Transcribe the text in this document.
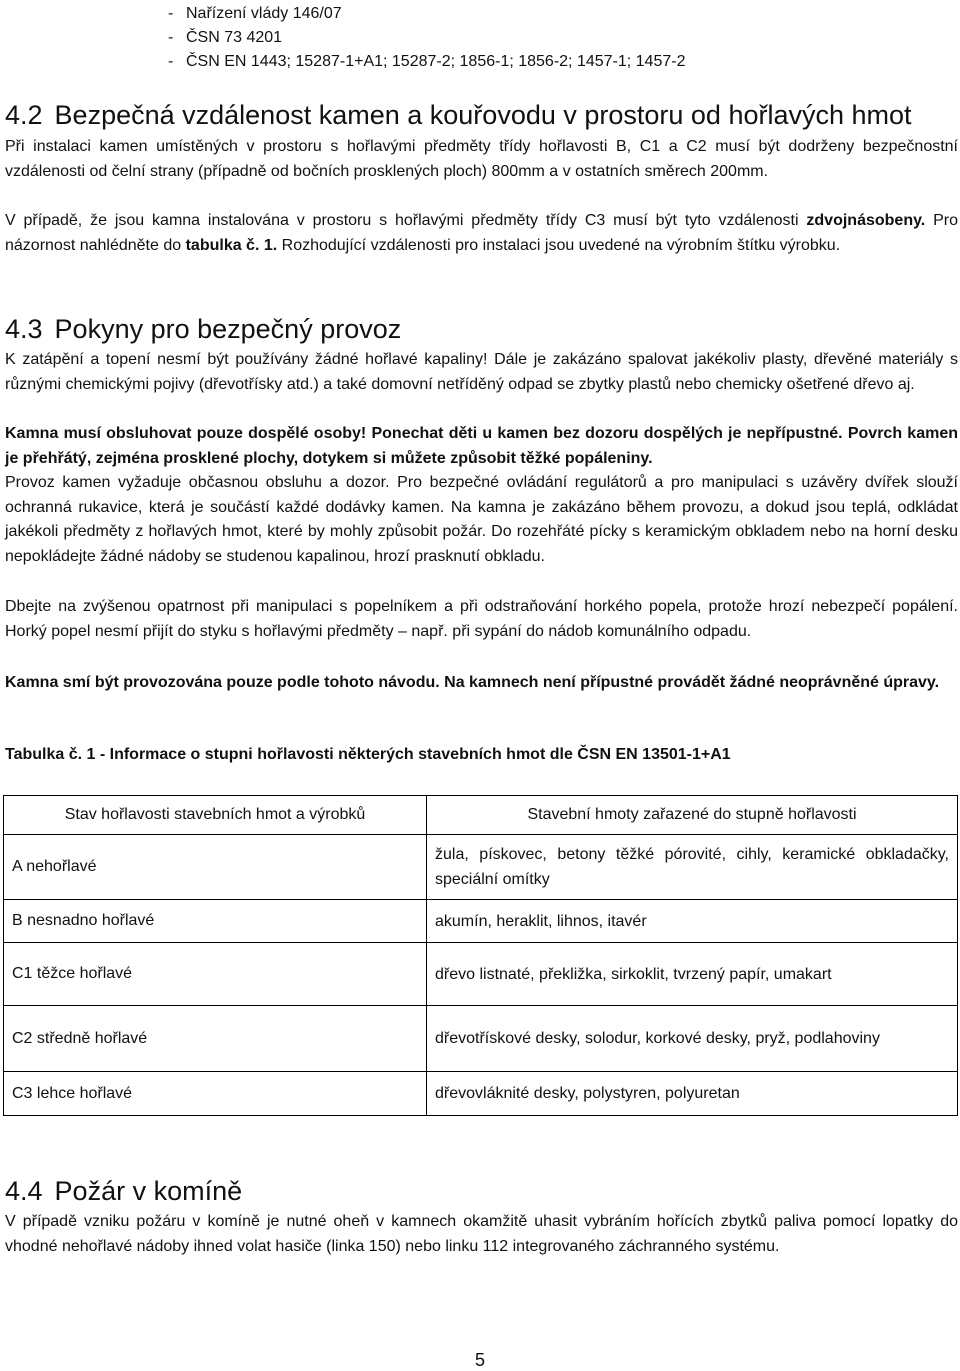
- Nařízení vlády 146/07
- ČSN 73 4201
- ČSN EN 1443; 15287-1+A1; 15287-2; 1856-1; 1856-2; 1457-1; 1457-2
4.2 Bezpečná vzdálenost kamen a kouřovodu v prostoru od hořlavých hmot

Při instalaci kamen umístěných v prostoru s hořlavými předměty třídy hořlavosti B, C1 a C2 musí být dodrženy bezpečnostní vzdálenosti od čelní strany (případně od bočních prosklených ploch) 800mm a v ostatních směrech 200mm.

V případě, že jsou kamna instalována v prostoru s hořlavými předměty třídy C3 musí být tyto vzdálenosti zdvojnásobeny. Pro názornost nahlédněte do tabulka č. 1. Rozhodující vzdálenosti pro instalaci jsou uvedené na výrobním štítku výrobku.

4.3 Pokyny pro bezpečný provoz

K zatápění a topení nesmí být používány žádné hořlavé kapaliny! Dále je zakázáno spalovat jakékoliv plasty, dřevěné materiály s různými chemickými pojivy (dřevotřísky atd.) a také domovní netříděný odpad se zbytky plastů nebo chemicky ošetřené dřevo aj.

Kamna musí obsluhovat pouze dospělé osoby! Ponechat děti u kamen bez dozoru dospělých je nepřípustné. Povrch kamen je přehřátý, zejména prosklené plochy, dotykem si můžete způsobit těžké popáleniny.

Provoz kamen vyžaduje občasnou obsluhu a dozor. Pro bezpečné ovládání regulátorů a pro manipulaci s uzávěry dvířek slouží ochranná rukavice, která je součástí každé dodávky kamen. Na kamna je zakázáno během provozu, a dokud jsou teplá, odkládat jakékoli předměty z hořlavých hmot, které by mohly způsobit požár. Do rozehřáté pícky s keramickým obkladem nebo na horní desku nepokládejte žádné nádoby se studenou kapalinou, hrozí prasknutí obkladu.

Dbejte na zvýšenou opatrnost při manipulaci s popelníkem a při odstraňování horkého popela, protože hrozí nebezpečí popálení. Horký popel nesmí přijít do styku s hořlavými předměty – např. při sypání do nádob komunálního odpadu.

Kamna smí být provozována pouze podle tohoto návodu. Na kamnech není přípustné provádět žádné neoprávněné úpravy.

Tabulka č. 1 - Informace o stupni hořlavosti některých stavebních hmot dle ČSN EN 13501-1+A1

Stav hořlavosti stavebních hmot a výrobků	Stavební hmoty zařazené do stupně hořlavosti
A nehořlavé	žula, pískovec, betony těžké pórovité, cihly, keramické obkladačky, speciální omítky
B nesnadno hořlavé	akumín, heraklit, lihnos, itavér
C1 těžce hořlavé	dřevo listnaté, překližka, sirkoklit, tvrzený papír, umakart
C2 středně hořlavé	dřevotřískové desky, solodur, korkové desky, pryž, podlahoviny
C3 lehce hořlavé	dřevovláknité desky, polystyren, polyuretan
4.4 Požár v komíně

V případě vzniku požáru v komíně je nutné oheň v kamnech okamžitě uhasit vybráním hořících zbytků paliva pomocí lopatky do vhodné nehořlavé nádoby ihned volat hasiče (linka 150) nebo linku 112 integrovaného záchranného systému.

5
